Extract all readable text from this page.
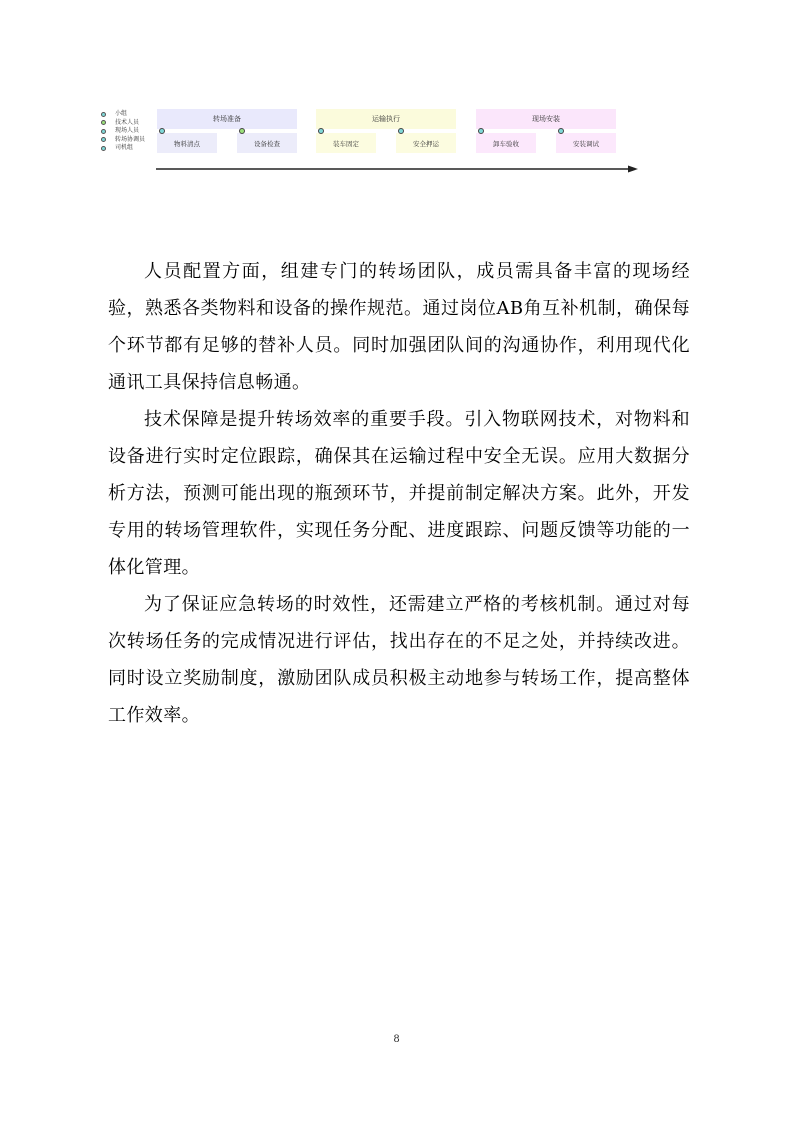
小组
技术人员
现场人员
转场协调员
司机组
转场准备	运输执行	现场安装
物料清点	设备检查	装车固定	安全押运	卸车验收	安装调试

人员配置方面，组建专门的转场团队，成员需具备丰富的现场经验，熟悉各类物料和设备的操作规范。通过岗位AB角互补机制，确保每个环节都有足够的替补人员。同时加强团队间的沟通协作，利用现代化通讯工具保持信息畅通。

技术保障是提升转场效率的重要手段。引入物联网技术，对物料和设备进行实时定位跟踪，确保其在运输过程中安全无误。应用大数据分析方法，预测可能出现的瓶颈环节，并提前制定解决方案。此外，开发专用的转场管理软件，实现任务分配、进度跟踪、问题反馈等功能的一体化管理。

为了保证应急转场的时效性，还需建立严格的考核机制。通过对每次转场任务的完成情况进行评估，找出存在的不足之处，并持续改进。同时设立奖励制度，激励团队成员积极主动地参与转场工作，提高整体工作效率。

8
